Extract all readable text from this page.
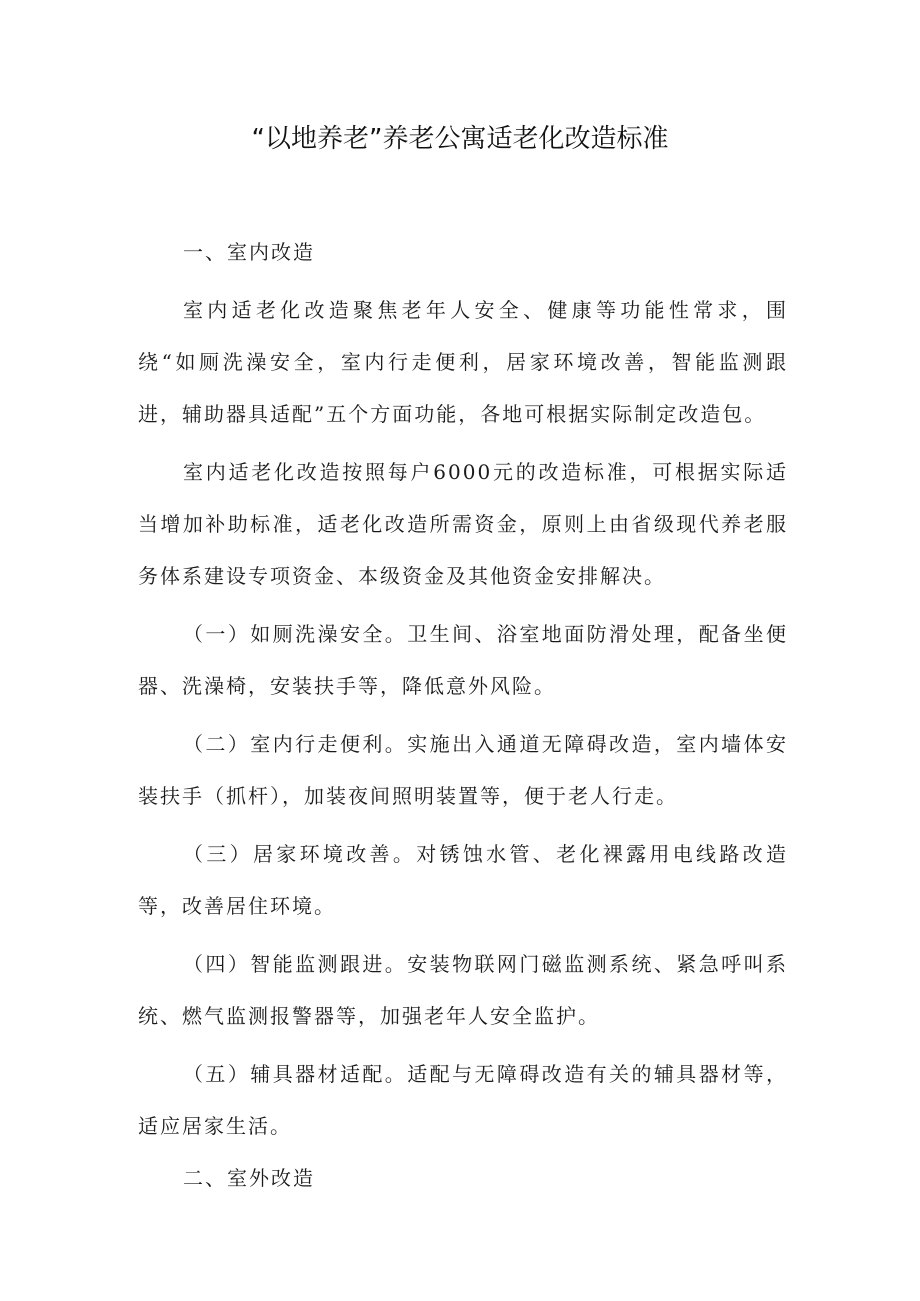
“以地养老”养老公寓适老化改造标准

一、室内改造

室内适老化改造聚焦老年人安全、健康等功能性常求，围绕“如厕洗澡安全，室内行走便利，居家环境改善，智能监测跟进，辅助器具适配”五个方面功能，各地可根据实际制定改造包。

室内适老化改造按照每户6000元的改造标准，可根据实际适当增加补助标准，适老化改造所需资金，原则上由省级现代养老服务体系建设专项资金、本级资金及其他资金安排解决。

（一）如厕洗澡安全。卫生间、浴室地面防滑处理，配备坐便器、洗澡椅，安装扶手等，降低意外风险。

（二）室内行走便利。实施出入通道无障碍改造，室内墙体安装扶手（抓杆），加装夜间照明装置等，便于老人行走。

（三）居家环境改善。对锈蚀水管、老化裸露用电线路改造等，改善居住环境。

（四）智能监测跟进。安装物联网门磁监测系统、紧急呼叫系统、燃气监测报警器等，加强老年人安全监护。

（五）辅具器材适配。适配与无障碍改造有关的辅具器材等，适应居家生活。

二、室外改造
